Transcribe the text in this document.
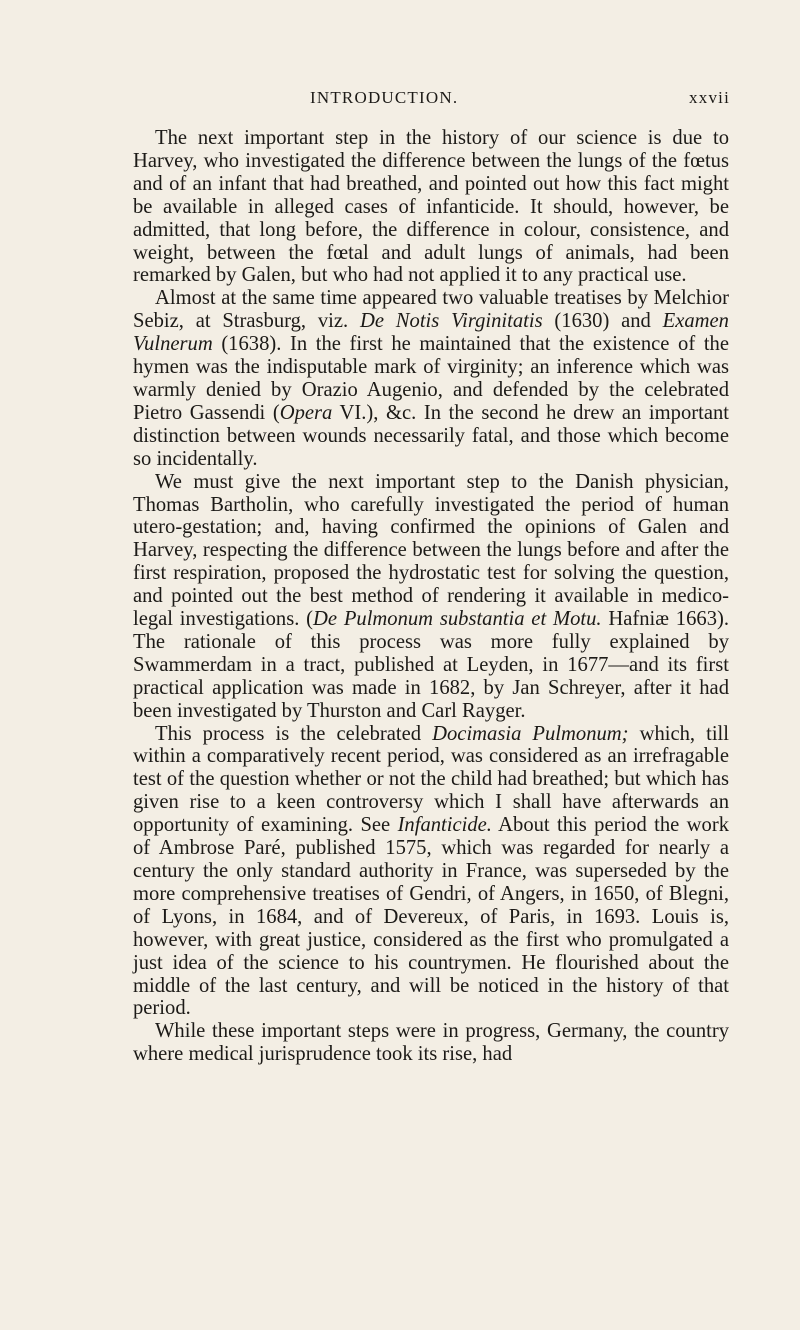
INTRODUCTION.	xxvii

The next important step in the history of our science is due to Harvey, who investigated the difference between the lungs of the fœtus and of an infant that had breathed, and pointed out how this fact might be available in alleged cases of infanticide. It should, however, be admitted, that long before, the difference in colour, consistence, and weight, between the fœtal and adult lungs of animals, had been remarked by Galen, but who had not applied it to any practical use.

Almost at the same time appeared two valuable treatises by Melchior Sebiz, at Strasburg, viz. De Notis Virginitatis (1630) and Examen Vulnerum (1638). In the first he maintained that the existence of the hymen was the indisputable mark of virginity; an inference which was warmly denied by Orazio Augenio, and defended by the celebrated Pietro Gassendi (Opera VI.), &c. In the second he drew an important distinction between wounds necessarily fatal, and those which become so incidentally.

We must give the next important step to the Danish physician, Thomas Bartholin, who carefully investigated the period of human utero-gestation; and, having confirmed the opinions of Galen and Harvey, respecting the difference between the lungs before and after the first respiration, proposed the hydrostatic test for solving the question, and pointed out the best method of rendering it available in medico-legal investigations. (De Pulmonum substantia et Motu. Hafniæ 1663). The rationale of this process was more fully explained by Swammerdam in a tract, published at Leyden, in 1677—and its first practical application was made in 1682, by Jan Schreyer, after it had been investigated by Thurston and Carl Rayger.

This process is the celebrated Docimasia Pulmonum; which, till within a comparatively recent period, was considered as an irrefragable test of the question whether or not the child had breathed; but which has given rise to a keen controversy which I shall have afterwards an opportunity of examining. See Infanticide. About this period the work of Ambrose Paré, published 1575, which was regarded for nearly a century the only standard authority in France, was superseded by the more comprehensive treatises of Gendri, of Angers, in 1650, of Blegni, of Lyons, in 1684, and of Devereux, of Paris, in 1693. Louis is, however, with great justice, considered as the first who promulgated a just idea of the science to his countrymen. He flourished about the middle of the last century, and will be noticed in the history of that period.

While these important steps were in progress, Germany, the country where medical jurisprudence took its rise, had
